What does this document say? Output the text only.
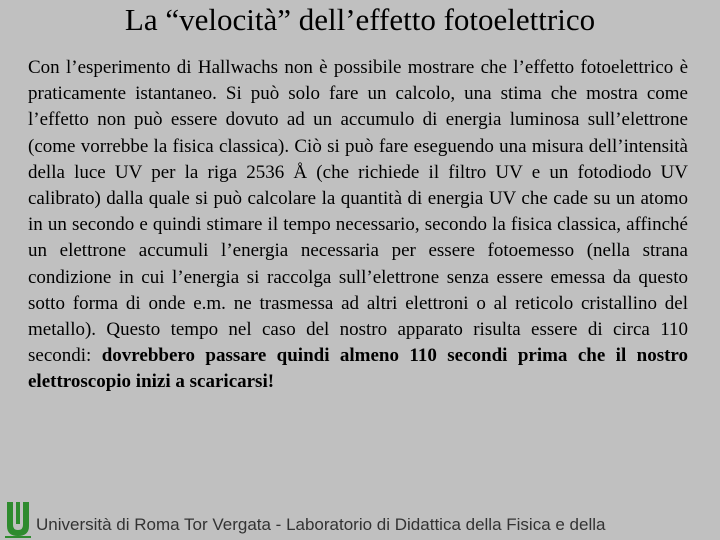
La “velocità” dell’effetto fotoelettrico

Con l’esperimento di Hallwachs non è possibile mostrare che l’effetto fotoelettrico è praticamente istantaneo. Si può solo fare un calcolo, una stima che mostra come l’effetto non può essere dovuto ad un accumulo di energia luminosa sull’elettrone (come vorrebbe la fisica classica). Ciò si può fare eseguendo una misura dell’intensità della luce UV per la riga 2536 Å (che richiede il filtro UV e un fotodiodo UV calibrato) dalla quale si può calcolare la quantità di energia UV che cade su un atomo in un secondo e quindi stimare il tempo necessario, secondo la fisica classica, affinché un elettrone accumuli l’energia necessaria per essere fotoemesso (nella strana condizione in cui l’energia si raccolga sull’elettrone senza essere emessa da questo sotto forma di onde e.m. ne trasmessa ad altri elettroni o al reticolo cristallino del metallo). Questo tempo nel caso del nostro apparato risulta essere di circa 110 secondi: dovrebbero passare quindi almeno 110 secondi prima che il nostro elettroscopio inizi a scaricarsi!

Università di Roma Tor Vergata - Laboratorio di Didattica della Fisica e della
